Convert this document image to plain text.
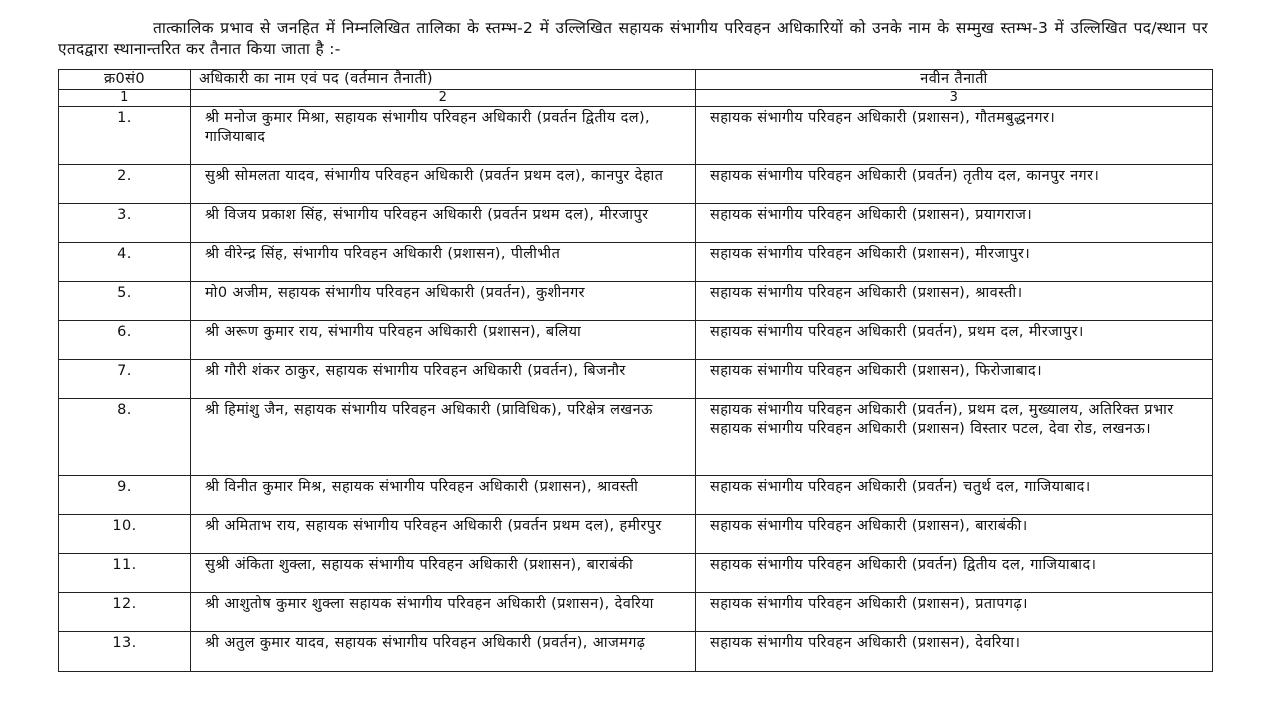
तात्कालिक प्रभाव से जनहित में निम्नलिखित तालिका के स्तम्भ-2 में उल्लिखित सहायक संभागीय परिवहन अधिकारियों को उनके नाम के सम्मुख स्तम्भ-3 में उल्लिखित पद/स्थान पर एतदद्वारा स्थानान्तरित कर तैनात किया जाता है :-

क्र0सं0	अधिकारी का नाम एवं पद (वर्तमान तैनाती)	नवीन तैनाती
1	2	3
1.	श्री मनोज कुमार मिश्रा, सहायक संभागीय परिवहन अधिकारी (प्रवर्तन द्वितीय दल), गाजियाबाद	सहायक संभागीय परिवहन अधिकारी (प्रशासन), गौतमबुद्धनगर।
2.	सुश्री सोमलता यादव, संभागीय परिवहन अधिकारी (प्रवर्तन प्रथम दल), कानपुर देहात	सहायक संभागीय परिवहन अधिकारी (प्रवर्तन) तृतीय दल, कानपुर नगर।
3.	श्री विजय प्रकाश सिंह, संभागीय परिवहन अधिकारी (प्रवर्तन प्रथम दल), मीरजापुर	सहायक संभागीय परिवहन अधिकारी (प्रशासन), प्रयागराज।
4.	श्री वीरेन्द्र सिंह, संभागीय परिवहन अधिकारी (प्रशासन), पीलीभीत	सहायक संभागीय परिवहन अधिकारी (प्रशासन), मीरजापुर।
5.	मो0 अजीम, सहायक संभागीय परिवहन अधिकारी (प्रवर्तन), कुशीनगर	सहायक संभागीय परिवहन अधिकारी (प्रशासन), श्रावस्ती।
6.	श्री अरूण कुमार राय, संभागीय परिवहन अधिकारी (प्रशासन), बलिया	सहायक संभागीय परिवहन अधिकारी (प्रवर्तन), प्रथम दल, मीरजापुर।
7.	श्री गौरी शंकर ठाकुर, सहायक संभागीय परिवहन अधिकारी (प्रवर्तन), बिजनौर	सहायक संभागीय परिवहन अधिकारी (प्रशासन), फिरोजाबाद।
8.	श्री हिमांशु जैन, सहायक संभागीय परिवहन अधिकारी (प्राविधिक), परिक्षेत्र लखनऊ	सहायक संभागीय परिवहन अधिकारी (प्रवर्तन), प्रथम दल, मुख्यालय, अतिरिक्त प्रभार सहायक संभागीय परिवहन अधिकारी (प्रशासन) विस्तार पटल, देवा रोड, लखनऊ।
9.	श्री विनीत कुमार मिश्र, सहायक संभागीय परिवहन अधिकारी (प्रशासन), श्रावस्ती	सहायक संभागीय परिवहन अधिकारी (प्रवर्तन) चतुर्थ दल, गाजियाबाद।
10.	श्री अमिताभ राय, सहायक संभागीय परिवहन अधिकारी (प्रवर्तन प्रथम दल), हमीरपुर	सहायक संभागीय परिवहन अधिकारी (प्रशासन), बाराबंकी।
11.	सुश्री अंकिता शुक्ला, सहायक संभागीय परिवहन अधिकारी (प्रशासन), बाराबंकी	सहायक संभागीय परिवहन अधिकारी (प्रवर्तन) द्वितीय दल, गाजियाबाद।
12.	श्री आशुतोष कुमार शुक्ला सहायक संभागीय परिवहन अधिकारी (प्रशासन), देवरिया	सहायक संभागीय परिवहन अधिकारी (प्रशासन), प्रतापगढ़।
13.	श्री अतुल कुमार यादव, सहायक संभागीय परिवहन अधिकारी (प्रवर्तन), आजमगढ़	सहायक संभागीय परिवहन अधिकारी (प्रशासन), देवरिया।
